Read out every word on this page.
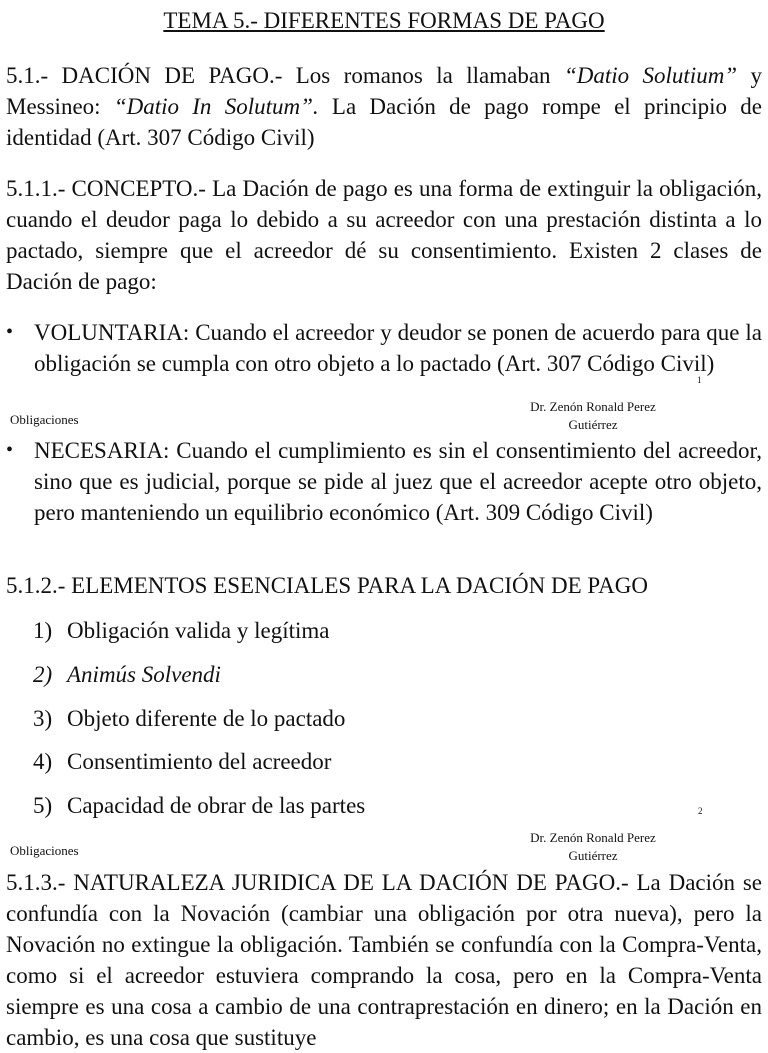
TEMA 5.- DIFERENTES FORMAS DE PAGO

5.1.- DACIÓN DE PAGO.- Los romanos la llamaban “Datio Solutium” y Messineo: “Datio In Solutum”. La Dación de pago rompe el principio de identidad (Art. 307 Código Civil)

5.1.1.- CONCEPTO.- La Dación de pago es una forma de extinguir la obligación, cuando el deudor paga lo debido a su acreedor con una prestación distinta a lo pactado, siempre que el acreedor dé su consentimiento. Existen 2 clases de Dación de pago:

• VOLUNTARIA: Cuando el acreedor y deudor se ponen de acuerdo para que la obligación se cumpla con otro objeto a lo pactado (Art. 307 Código Civil)
Obligaciones
Dr. Zenón Ronald Perez
Gutiérrez
1
• NECESARIA: Cuando el cumplimiento es sin el consentimiento del acreedor, sino que es judicial, porque se pide al juez que el acreedor acepte otro objeto, pero manteniendo un equilibrio económico (Art. 309 Código Civil)
5.1.2.- ELEMENTOS ESENCIALES PARA LA DACIÓN DE PAGO
1) Obligación valida y legítima
2) Animús Solvendi
3) Objeto diferente de lo pactado
4) Consentimiento del acreedor
5) Capacidad de obrar de las partes
Obligaciones
Dr. Zenón Ronald Perez
Gutiérrez
2

5.1.3.- NATURALEZA JURIDICA DE LA DACIÓN DE PAGO.- La Dación se confundía con la Novación (cambiar una obligación por otra nueva), pero la Novación no extingue la obligación. También se confundía con la Compra-Venta, como si el acreedor estuviera comprando la cosa, pero en la Compra-Venta siempre es una cosa a cambio de una contraprestación en dinero; en la Dación en cambio, es una cosa que sustituye
